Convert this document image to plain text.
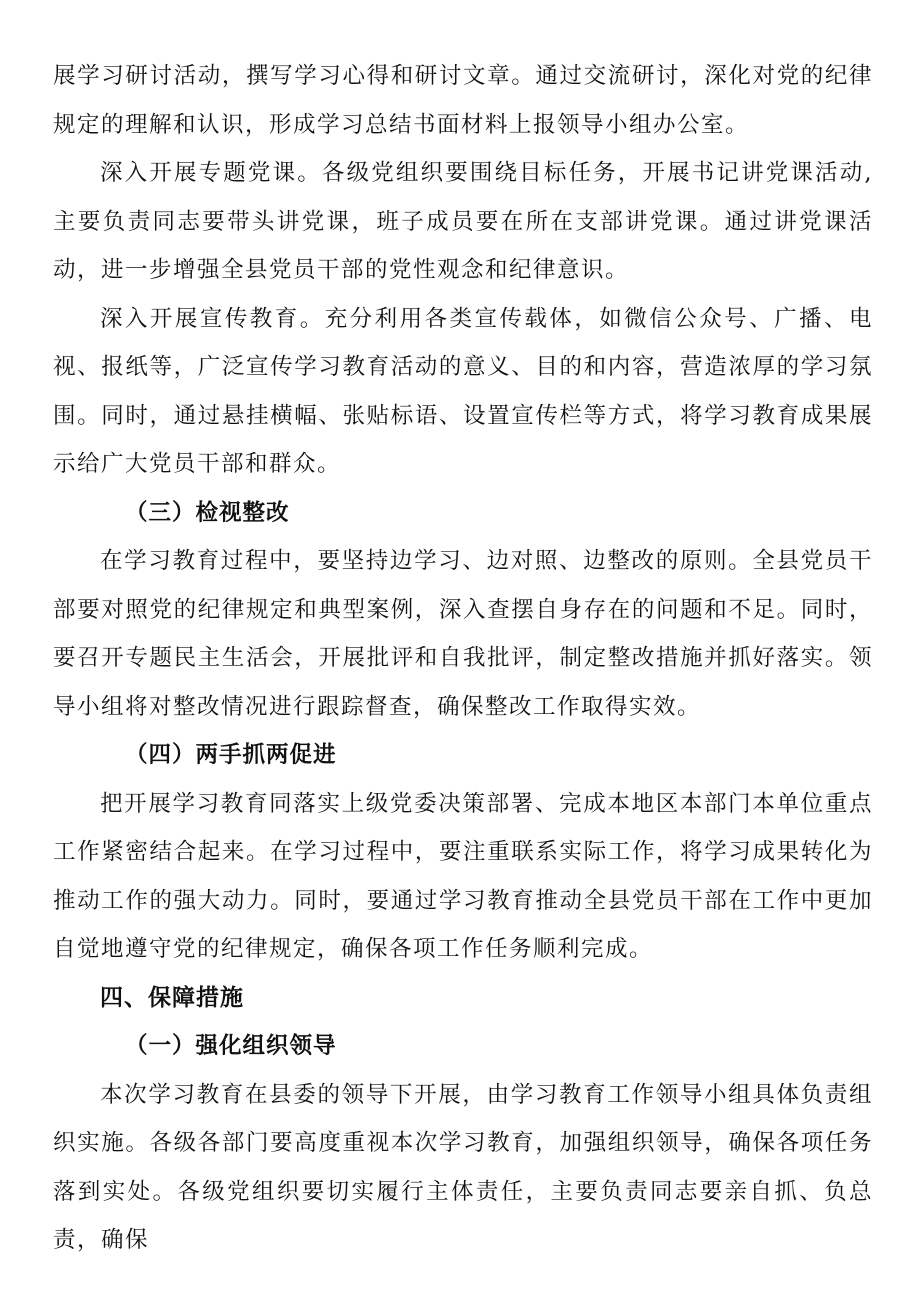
展学习研讨活动，撰写学习心得和研讨文章。通过交流研讨，深化对党的纪律规定的理解和认识，形成学习总结书面材料上报领导小组办公室。

深入开展专题党课。各级党组织要围绕目标任务，开展书记讲党课活动,主要负责同志要带头讲党课，班子成员要在所在支部讲党课。通过讲党课活动，进一步增强全县党员干部的党性观念和纪律意识。

深入开展宣传教育。充分利用各类宣传载体，如微信公众号、广播、电视、报纸等，广泛宣传学习教育活动的意义、目的和内容，营造浓厚的学习氛围。同时，通过悬挂横幅、张贴标语、设置宣传栏等方式，将学习教育成果展示给广大党员干部和群众。

（三）检视整改

在学习教育过程中，要坚持边学习、边对照、边整改的原则。全县党员干部要对照党的纪律规定和典型案例，深入查摆自身存在的问题和不足。同时，要召开专题民主生活会，开展批评和自我批评，制定整改措施并抓好落实。领导小组将对整改情况进行跟踪督查，确保整改工作取得实效。

（四）两手抓两促进

把开展学习教育同落实上级党委决策部署、完成本地区本部门本单位重点工作紧密结合起来。在学习过程中，要注重联系实际工作，将学习成果转化为推动工作的强大动力。同时，要通过学习教育推动全县党员干部在工作中更加自觉地遵守党的纪律规定，确保各项工作任务顺利完成。

四、保障措施
（一）强化组织领导

本次学习教育在县委的领导下开展，由学习教育工作领导小组具体负责组织实施。各级各部门要高度重视本次学习教育，加强组织领导，确保各项任务落到实处。各级党组织要切实履行主体责任，主要负责同志要亲自抓、负总责，确保
